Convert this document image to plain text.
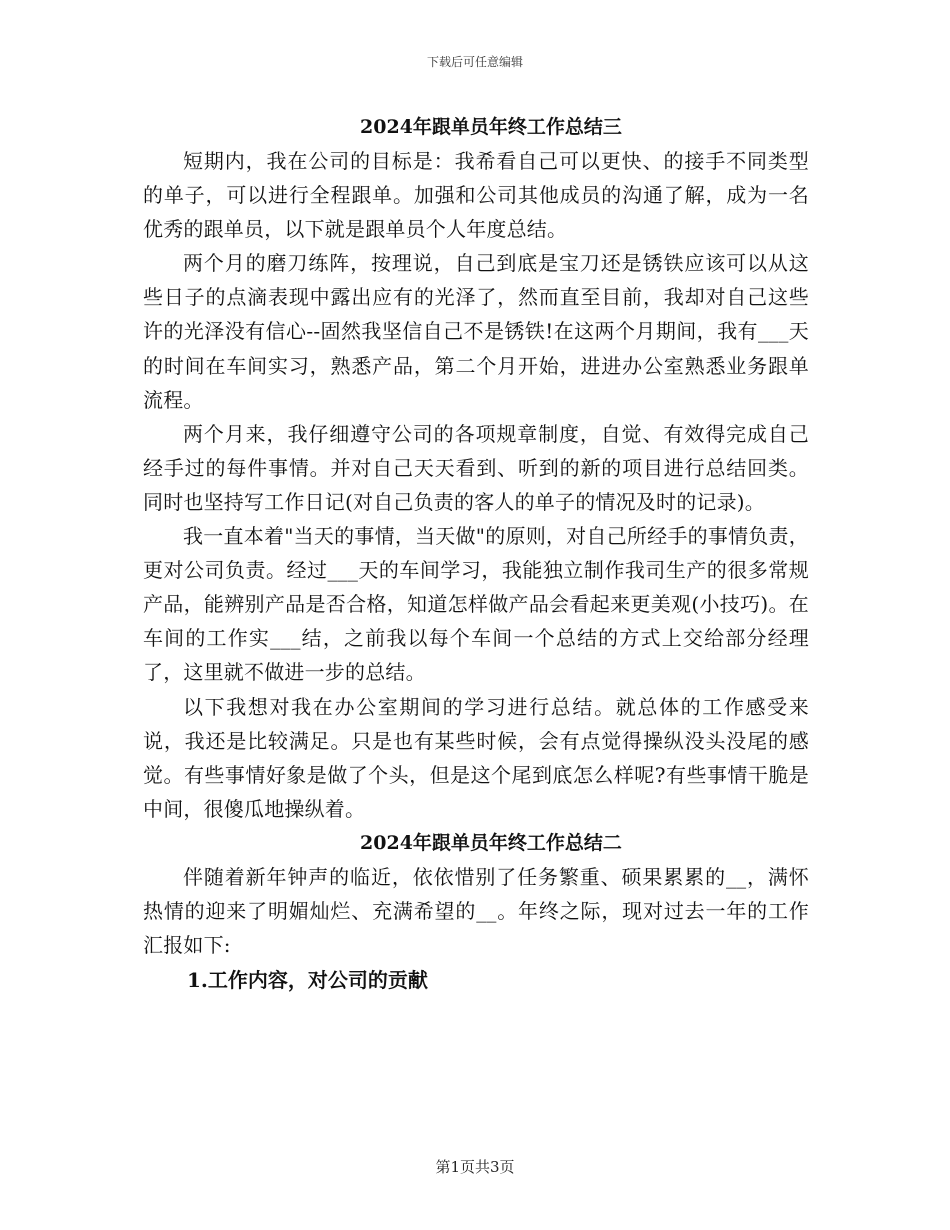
下载后可任意编辑
2024年跟单员年终工作总结三

短期内，我在公司的目标是：我希看自己可以更快、的接手不同类型的单子，可以进行全程跟单。加强和公司其他成员的沟通了解，成为一名优秀的跟单员，以下就是跟单员个人年度总结。

两个月的磨刀练阵，按理说，自己到底是宝刀还是锈铁应该可以从这些日子的点滴表现中露出应有的光泽了，然而直至目前，我却对自己这些许的光泽没有信心--固然我坚信自己不是锈铁!在这两个月期间，我有___天的时间在车间实习，熟悉产品，第二个月开始，进进办公室熟悉业务跟单流程。

两个月来，我仔细遵守公司的各项规章制度，自觉、有效得完成自己经手过的每件事情。并对自己天天看到、听到的新的项目进行总结回类。同时也坚持写工作日记(对自己负责的客人的单子的情况及时的记录)。

我一直本着"当天的事情，当天做"的原则，对自己所经手的事情负责，更对公司负责。经过___天的车间学习，我能独立制作我司生产的很多常规产品，能辨别产品是否合格，知道怎样做产品会看起来更美观(小技巧)。在车间的工作实___结，之前我以每个车间一个总结的方式上交给部分经理了，这里就不做进一步的总结。

以下我想对我在办公室期间的学习进行总结。就总体的工作感受来说，我还是比较满足。只是也有某些时候，会有点觉得操纵没头没尾的感觉。有些事情好象是做了个头，但是这个尾到底怎么样呢?有些事情干脆是中间，很傻瓜地操纵着。

2024年跟单员年终工作总结二

伴随着新年钟声的临近，依依惜别了任务繁重、硕果累累的__，满怀热情的迎来了明媚灿烂、充满希望的__。年终之际，现对过去一年的工作汇报如下:

1.工作内容，对公司的贡献

第1页共3页
